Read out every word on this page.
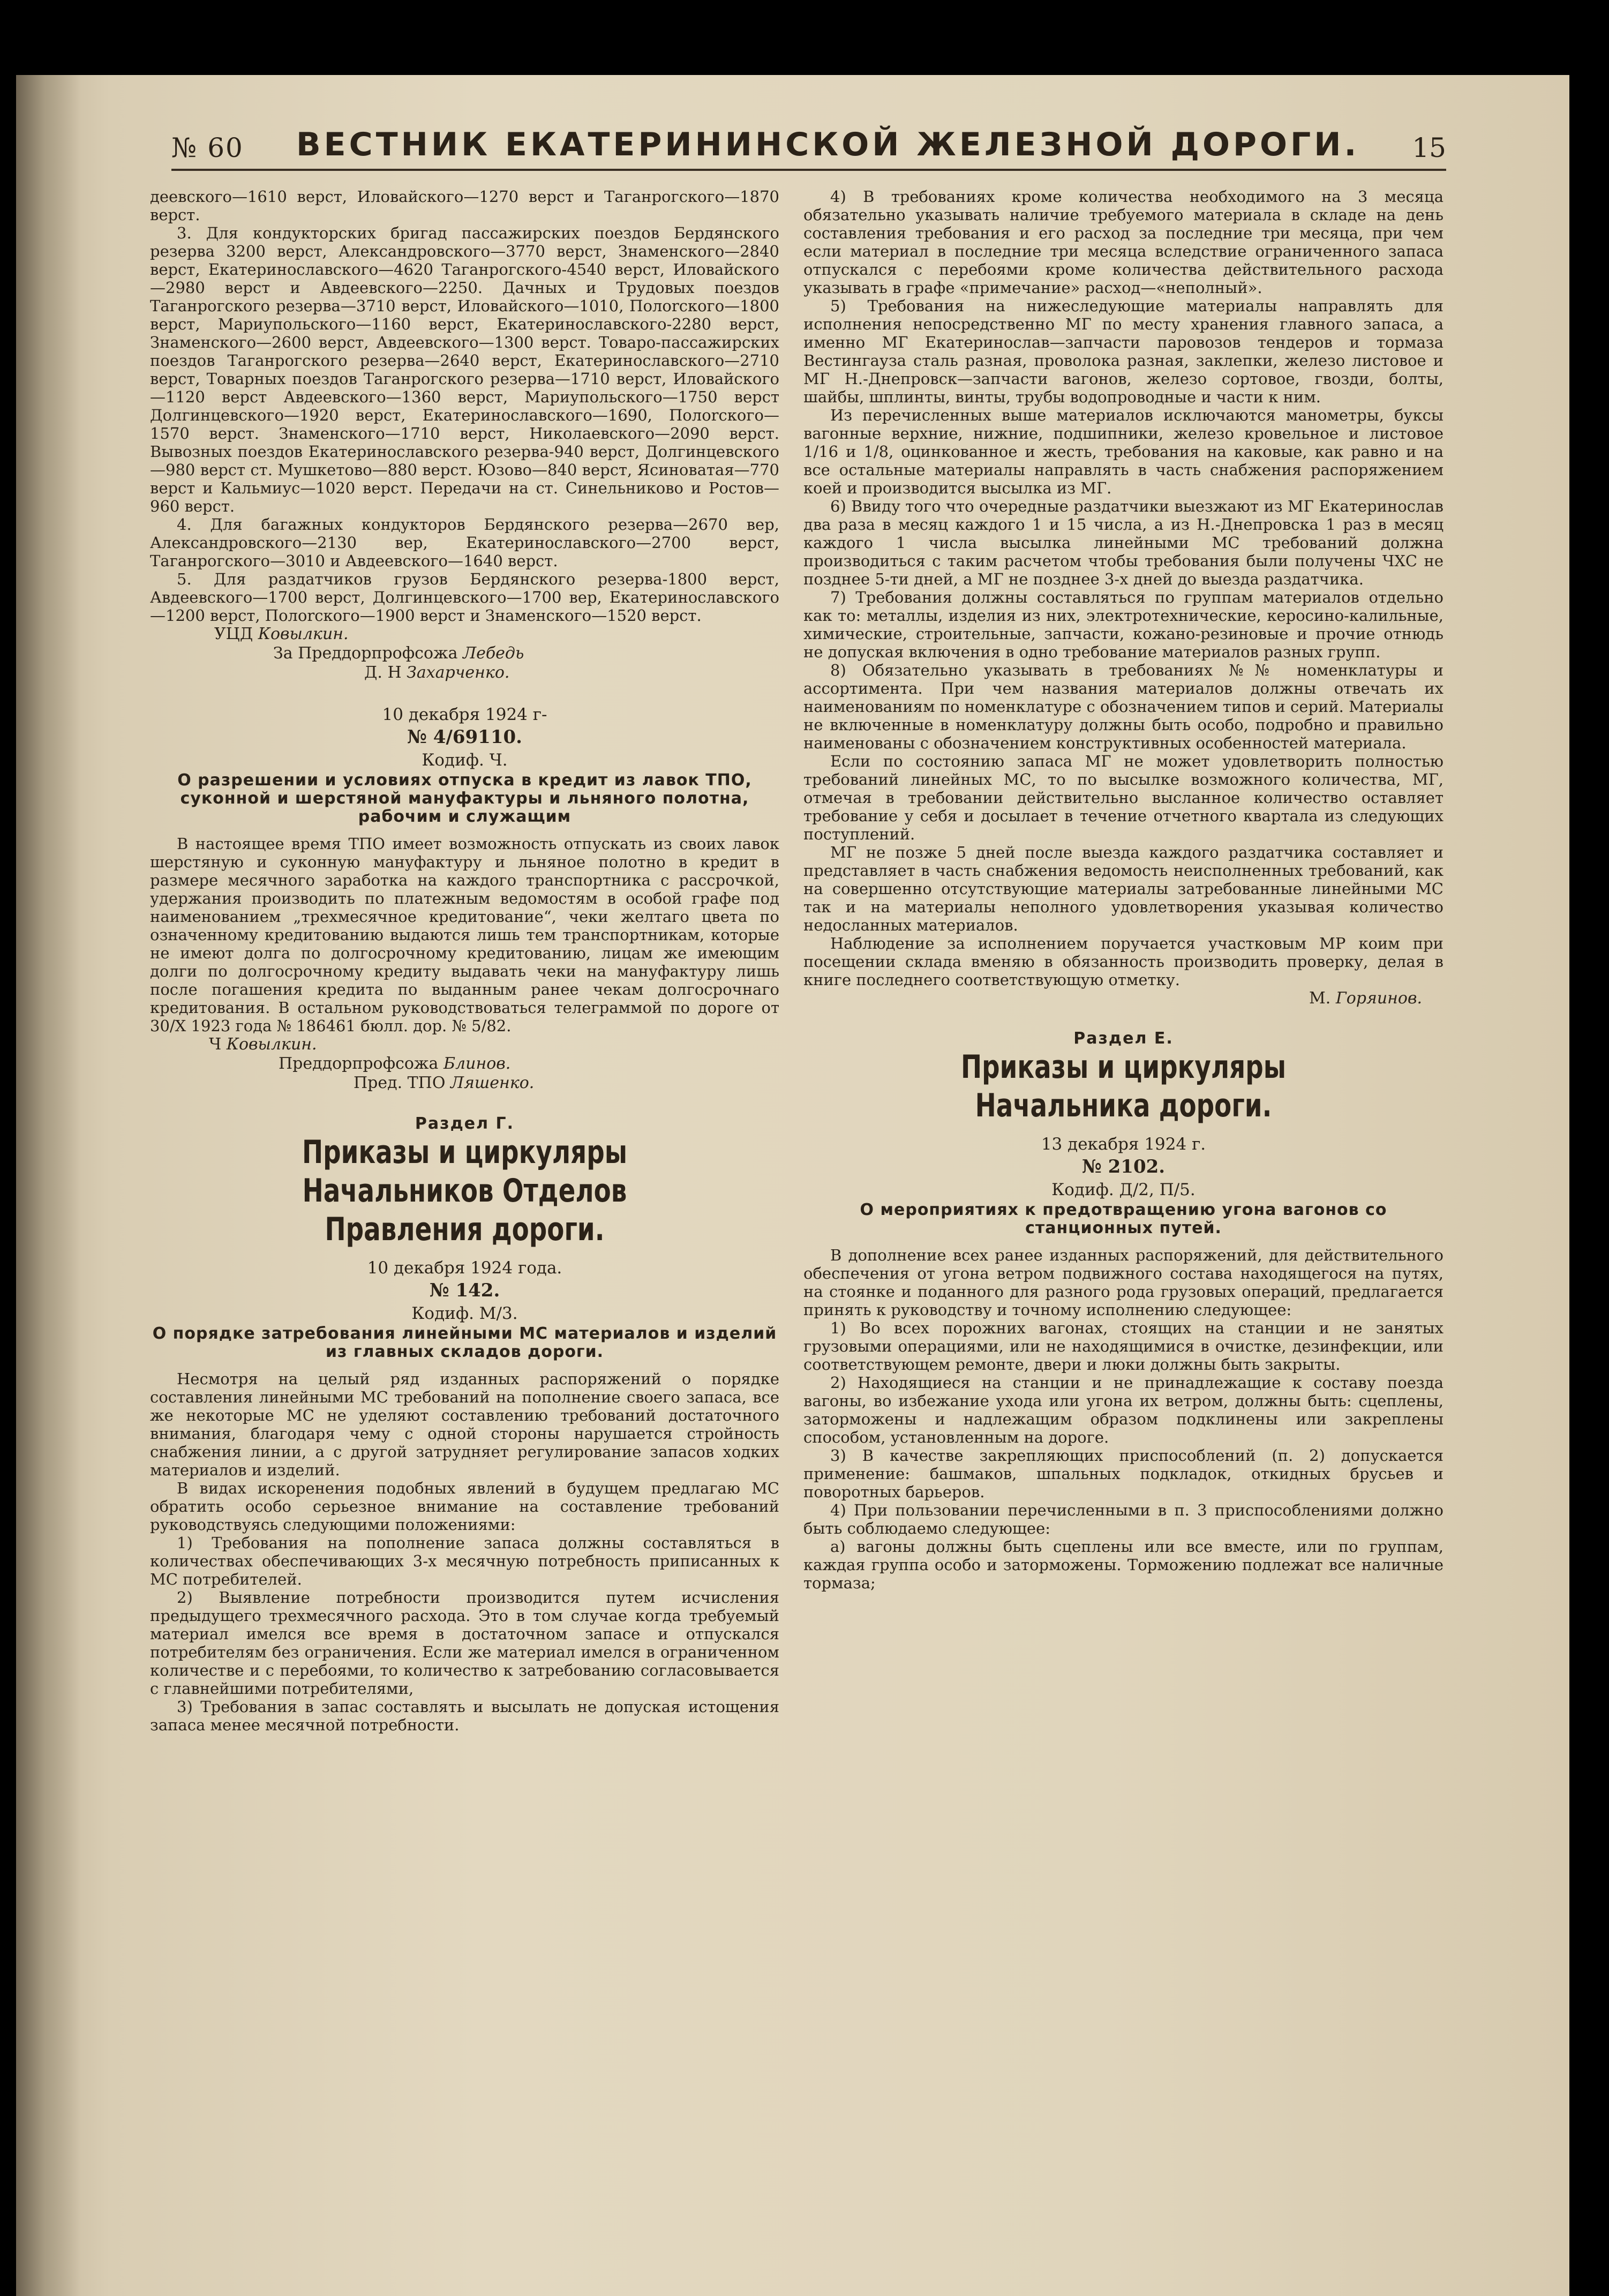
№ 60 ВЕСТНИК ЕКАТЕРИНИНСКОЙ ЖЕЛЕЗНОЙ ДОРОГИ. 15

деевского—1610 верст, Иловайского—1270 верст и Таганрогского—1870 верст.

3. Для кондукторских бригад пассажирских поездов Бердянского резерва 3200 верст, Александровского—3770 верст, Знаменского—2840 верст, Екатеринославского—4620 Таганрогского-4540 верст, Иловайского—2980 верст и Авдеевского—2250. Дачных и Трудовых поездов Таганрогского резерва—3710 верст, Иловайского—1010, Полоrского—1800 верст, Мариупольского—1160 верст, Екатеринославского-2280 верст, Знаменского—2600 верст, Авдеевского—1300 верст. Товаро-пассажирских поездов Таганрогского резерва—2640 верст, Екатеринославского—2710 верст, Товарных поездов Таганрогского резерва—1710 верст, Иловайского—1120 верст Авдеевского—1360 верст, Мариупольского—1750 верст Долгинцевского—1920 верст, Екатеринославского—1690, Полоrского—1570 верст. Знаменского—1710 верст, Николаевского—2090 верст. Вывозных поездов Екатеринославского резерва-940 верст, Долгинцевского—980 верст ст. Мушкетово—880 верст. Юзово—840 верст, Ясиноватая—770 верст и Кальмиус—1020 верст. Передачи на ст. Синельниково и Ростов—960 верст.

4. Для багажных кондукторов Бердянского резерва—2670 вер, Александровского—2130 вер, Екатеринославского—2700 верст, Таганрогского—3010 и Авдеевского—1640 верст.

5. Для раздатчиков грузов Бердянского резерва-1800 верст, Авдеевского—1700 верст, Долгинцевского—1700 вер, Екатеринославского—1200 верст, Полоrского—1900 верст и Знаменского—1520 верст.

УЦД Ковылкин.
За Преддорпрофсожа Лебедь
Д. Н Захарченко.
10 декабря 1924 г-
№ 4/69110.
Кодиф. Ч.
О разрешении и условиях отпуска в кредит из лавок ТПО, суконной и шерстяной мануфактуры и льняного полотна, рабочим и служащим

В настоящее время ТПО имеет возможность отпускать из своих лавок шерстяную и суконную мануфактуру и льняное полотно в кредит в размере месячного заработка на каждого транспортника с рассрочкой, удержания производить по платежным ведомостям в особой графе под наименованием „трехмесячное кредитование“, чеки желтаго цвета по означенному кредитованию выдаются лишь тем транспортникам, которые не имеют долга по долгосрочному кредитованию, лицам же имеющим долги по долгосрочному кредиту выдавать чеки на мануфактуру лишь после погашения кредита по выданным ранее чекам долгосрочнаго кредитования. В остальном руководствоваться телеграммой по дороге от 30/X 1923 года № 186461 бюлл. дор. № 5/82.

Ч Ковылкин.
Преддорпрофсожа Блинов.
Пред. ТПО Ляшенко.
Раздел Г.
Приказы и циркуляры Начальников Отделов Правления дороги.
10 декабря 1924 года.
№ 142.
Кодиф. М/3.
О порядке затребования линейными МС материалов и изделий из главных складов дороги.

Несмотря на целый ряд изданных распоряжений о порядке составления линейными МС требований на пополнение своего запаса, все же некоторые МС не уделяют составлению требований достаточного внимания, благодаря чему с одной стороны нарушается стройность снабжения линии, а с другой затрудняет регулирование запасов ходких материалов и изделий.

В видах искоренения подобных явлений в будущем предлагаю МС обратить особо серьезное внимание на составление требований руководствуясь следующими положениями:

1) Требования на пополнение запаса должны составляться в количествах обеспечивающих 3-х месячную потребность приписанных к МС потребителей.

2) Выявление потребности производится путем исчисления предыдущего трехмесячного расхода. Это в том случае когда требуемый материал имелся все время в достаточном запасе и отпускался потребителям без ограничения. Если же материал имелся в ограниченном количестве и с перебоями, то количество к затребованию согласовывается с главнейшими потребителями,

3) Требования в запас составлять и высылать не допуская истощения запаса менее месячной потребности.

4) В требованиях кроме количества необходимого на 3 месяца обязательно указывать наличие требуемого материала в складе на день составления требования и его расход за последние три месяца, при чем если материал в последние три месяца вследствие ограниченного запаса отпускался с перебоями кроме количества действительного расхода указывать в графе «примечание» расход—«неполный».

5) Требования на нижеследующие материалы направлять для исполнения непосредственно МГ по месту хранения главного запаса, а именно МГ Екатеринослав—запчасти паровозов тендеров и тормаза Вестингауза сталь разная, проволока разная, заклепки, железо листовое и МГ Н.-Днепровск—запчасти вагонов, железо сортовое, гвозди, болты, шайбы, шплинты, винты, трубы водопроводные и части к ним.

Из перечисленных выше материалов исключаются манометры, буксы вагонные верхние, нижние, подшипники, железо кровельное и листовое 1/16 и 1/8, оцинкованное и жесть, требования на каковые, как равно и на все остальные материалы направлять в часть снабжения распоряжением коей и производится высылка из МГ.

6) Ввиду того что очередные раздатчики выезжают из МГ Екатеринослав два раза в месяц каждого 1 и 15 числа, а из Н.-Днепровска 1 раз в месяц каждого 1 числа высылка линейными МС требований должна производиться с таким расчетом чтобы требования были получены ЧХС не позднее 5-ти дней, а МГ не позднее 3-х дней до выезда раздатчика.

7) Требования должны составляться по группам материалов отдельно как то: металлы, изделия из них, электротехнические, керосино-калильные, химические, строительные, запчасти, кожано-резиновые и прочие отнюдь не допуская включения в одно требование материалов разных групп.

8) Обязательно указывать в требованиях №№ номенклатуры и ассортимента. При чем названия материалов должны отвечать их наименованиям по номенклатуре с обозначением типов и серий. Материалы не включенные в номенклатуру должны быть особо, подробно и правильно наименованы с обозначением конструктивных особенностей материала.

Если по состоянию запаса МГ не может удовлетворить полностью требований линейных МС, то по высылке возможного количества, МГ, отмечая в требовании действительно высланное количество оставляет требование у себя и досылает в течение отчетного квартала из следующих поступлений.

МГ не позже 5 дней после выезда каждого раздатчика составляет и представляет в часть снабжения ведомость неисполненных требований, как на совершенно отсутствующие материалы затребованные линейными МС так и на материалы неполного удовлетворения указывая количество недосланных материалов.

Наблюдение за исполнением поручается участковым МР коим при посещении склада вменяю в обязанность производить проверку, делая в книге последнего соответствующую отметку.

М. Горяинов.
Раздел Е.
Приказы и циркуляры Начальника дороги.
13 декабря 1924 г.
№ 2102.
Кодиф. Д/2, П/5.
О мероприятиях к предотвращению угона вагонов со станционных путей.

В дополнение всех ранее изданных распоряжений, для действительного обеспечения от угона ветром подвижного состава находящегося на путях, на стоянке и поданного для разного рода грузовых операций, предлагается принять к руководству и точному исполнению следующее:

1) Во всех порожних вагонах, стоящих на станции и не занятых грузовыми операциями, или не находящимися в очистке, дезинфекции, или соответствующем ремонте, двери и люки должны быть закрыты.

2) Находящиеся на станции и не принадлежащие к составу поезда вагоны, во избежание ухода или угона их ветром, должны быть: сцеплены, заторможены и надлежащим образом подклинены или закреплены способом, установленным на дороге.

3) В качестве закрепляющих приспособлений (п. 2) допускается применение: башмаков, шпальных подкладок, откидных брусьев и поворотных барьеров.

4) При пользовании перечисленными в п. 3 приспособлениями должно быть соблюдаемо следующее:

а) вагоны должны быть сцеплены или все вместе, или по группам, каждая группа особо и заторможены. Торможению подлежат все наличные тормаза;
